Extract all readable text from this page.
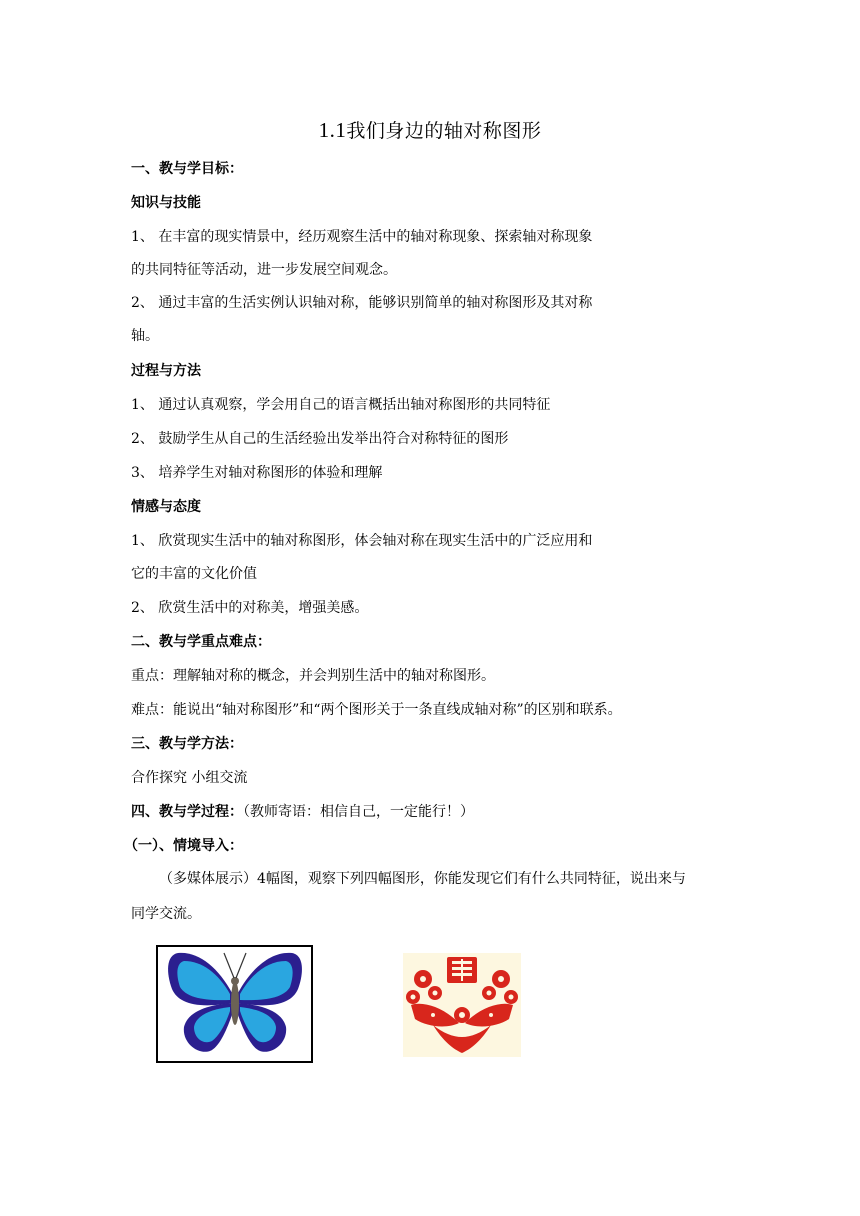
1.1我们身边的轴对称图形
一、教与学目标：
知识与技能
1、 在丰富的现实情景中，经历观察生活中的轴对称现象、探索轴对称现象
的共同特征等活动，进一步发展空间观念。
2、 通过丰富的生活实例认识轴对称，能够识别简单的轴对称图形及其对称
轴。
过程与方法
1、 通过认真观察，学会用自己的语言概括出轴对称图形的共同特征
2、 鼓励学生从自己的生活经验出发举出符合对称特征的图形
3、 培养学生对轴对称图形的体验和理解
情感与态度
1、 欣赏现实生活中的轴对称图形，体会轴对称在现实生活中的广泛应用和
它的丰富的文化价值
2、 欣赏生活中的对称美，增强美感。
二、教与学重点难点：
重点：理解轴对称的概念，并会判别生活中的轴对称图形。
难点：能说出“轴对称图形”和“两个图形关于一条直线成轴对称”的区别和联系。
三、教与学方法：
合作探究 小组交流
四、教与学过程：（教师寄语：相信自己，一定能行！）
（一）、情境导入：
（多媒体展示）4幅图，观察下列四幅图形，你能发现它们有什么共同特征，说出来与
同学交流。
